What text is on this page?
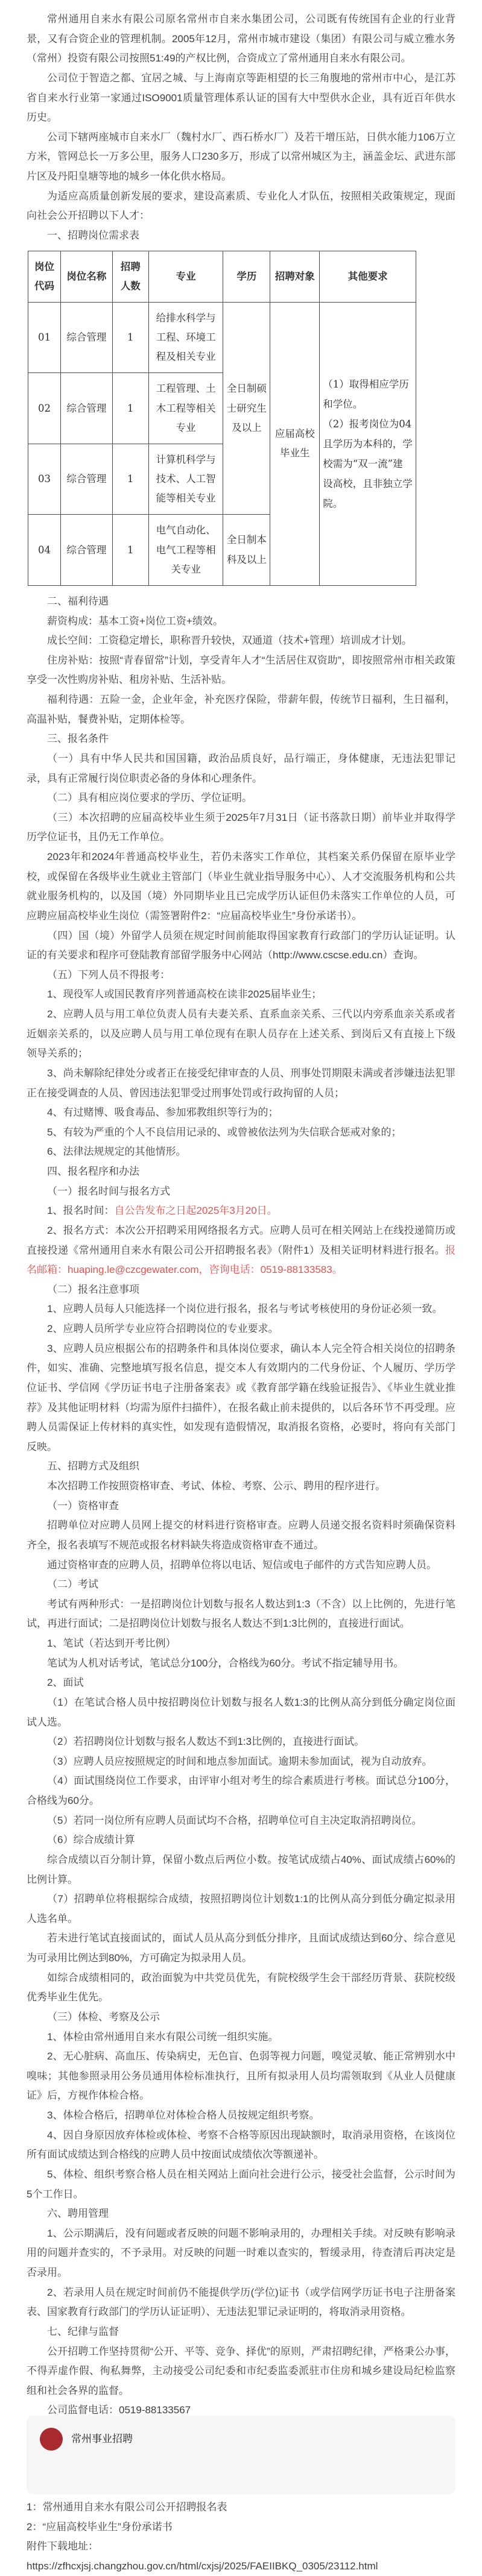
常州通用自来水有限公司原名常州市自来水集团公司，公司既有传统国有企业的行业背景，又有合资企业的管理机制。2005年12月，常州市城市建设（集团）有限公司与威立雅水务（常州）投资有限公司按照51:49的产权比例，合资成立了常州通用自来水有限公司。

公司位于智造之都、宜居之城、与上海南京等距相望的长三角腹地的常州市中心，是江苏省自来水行业第一家通过ISO9001质量管理体系认证的国有大中型供水企业，具有近百年供水历史。

公司下辖两座城市自来水厂（魏村水厂、西石桥水厂）及若干增压站，日供水能力106万立方米，管网总长一万多公里，服务人口230多万，形成了以常州城区为主，涵盖金坛、武进东部片区及丹阳皇塘等地的城乡一体化供水格局。

为适应高质量创新发展的要求，建设高素质、专业化人才队伍，按照相关政策规定，现面向社会公开招聘以下人才：

一、招聘岗位需求表

岗位代码	岗位名称	招聘人数	专业	学历	招聘对象	其他要求
01	综合管理	1	给排水科学与工程、环境工程及相关专业	全日制硕士研究生及以上	应届高校毕业生	（1）取得相应学历和学位。

（2）报考岗位为04且学历为本科的，学校需为“双一流”建设高校，且非独立学院。

02	综合管理	1	工程管理、土木工程等相关专业			
03	综合管理	1	计算机科学与技术、人工智能等相关专业			
04	综合管理	1	电气自动化、电气工程等相关专业	全日制本科及以上		

二、福利待遇

薪资构成：基本工资+岗位工资+绩效。

成长空间：工资稳定增长，职称晋升较快，双通道（技术+管理）培训成才计划。

住房补贴：按照“青春留常”计划，享受青年人才“生活居住双资助”，即按照常州市相关政策享受一次性购房补贴、租房补贴、生活补贴。

福利待遇：五险一金，企业年金，补充医疗保险，带薪年假，传统节日福利，生日福利，高温补贴，餐费补贴，定期体检等。

三、报名条件

（一）具有中华人民共和国国籍，政治品质良好，品行端正，身体健康，无违法犯罪记录，具有正常履行岗位职责必备的身体和心理条件。

（二）具有相应岗位要求的学历、学位证明。

（三）本次招聘的应届高校毕业生须于2025年7月31日（证书落款日期）前毕业并取得学历学位证书，且仍无工作单位。

2023年和2024年普通高校毕业生，若仍未落实工作单位，其档案关系仍保留在原毕业学校，或保留在各级毕业生就业主管部门（毕业生就业指导服务中心）、人才交流服务机构和公共就业服务机构的，以及国（境）外同期毕业且已完成学历认证但仍未落实工作单位的人员，可应聘应届高校毕业生岗位（需签署附件2：“应届高校毕业生”身份承诺书）。

（四）国（境）外留学人员须在规定时间前能取得国家教育行政部门的学历认证证明。认证的有关要求和程序可登陆教育部留学服务中心网站（http://www.cscse.edu.cn）查询。

（五）下列人员不得报考：

1、现役军人或国民教育序列普通高校在读非2025届毕业生；

2、应聘人员与用工单位负责人员有夫妻关系、直系血亲关系、三代以内旁系血亲关系或者近姻亲关系的，以及应聘人员与用工单位现有在职人员存在上述关系、到岗后又有直接上下级领导关系的；

3、尚未解除纪律处分或者正在接受纪律审查的人员、刑事处罚期限未满或者涉嫌违法犯罪正在接受调查的人员、曾因违法犯罪受过刑事处罚或行政拘留的人员；

4、有过赌博、吸食毒品、参加邪教组织等行为的；

5、有较为严重的个人不良信用记录的、或曾被依法列为失信联合惩戒对象的；

6、法律法规规定的其他情形。

四、报名程序和办法

（一）报名时间与报名方式

1、报名时间：自公告发布之日起2025年3月20日。

2、报名方式：本次公开招聘采用网络报名方式。应聘人员可在相关网站上在线投递简历或直接投递《常州通用自来水有限公司公开招聘报名表》（附件1）及相关证明材料进行报名。报名邮箱：huaping.le@czcgewater.com，咨询电话：0519-88133583。

（二）报名注意事项

1、应聘人员每人只能选择一个岗位进行报名，报名与考试考核使用的身份证必须一致。

2、应聘人员所学专业应符合招聘岗位的专业要求。

3、应聘人员应根据公布的招聘条件和具体岗位要求，确认本人完全符合相关岗位的招聘条件，如实、准确、完整地填写报名信息，提交本人有效期内的二代身份证、个人履历、学历学位证书、学信网《学历证书电子注册备案表》或《教育部学籍在线验证报告》、《毕业生就业推荐》及其他证明材料（均需为原件扫描件），在报名截止前未提供的，以后各环节不再受理。应聘人员需保证上传材料的真实性，如发现有造假情况，取消报名资格，必要时，将向有关部门反映。

五、招聘方式及组织

本次招聘工作按照资格审查、考试、体检、考察、公示、聘用的程序进行。

（一）资格审查

招聘单位对应聘人员网上提交的材料进行资格审查。应聘人员递交报名资料时须确保资料齐全，报名表填写不规范或报名材料缺失将造成资格审查不通过。

通过资格审查的应聘人员，招聘单位将以电话、短信或电子邮件的方式告知应聘人员。

（二）考试

考试有两种形式：一是招聘岗位计划数与报名人数达到1:3（不含）以上比例的，先进行笔试，再进行面试；二是招聘岗位计划数与报名人数达不到1:3比例的，直接进行面试。

1、笔试（若达到开考比例）

笔试为人机对话考试，笔试总分100分，合格线为60分。考试不指定辅导用书。

2、面试

（1）在笔试合格人员中按招聘岗位计划数与报名人数1:3的比例从高分到低分确定岗位面试人选。

（2）若招聘岗位计划数与报名人数达不到1:3比例的，直接进行面试。

（3）应聘人员应按照规定的时间和地点参加面试。逾期未参加面试，视为自动放弃。

（4）面试围绕岗位工作要求，由评审小组对考生的综合素质进行考核。面试总分100分，合格线为60分。

（5）若同一岗位所有应聘人员面试均不合格，招聘单位可自主决定取消招聘岗位。

（6）综合成绩计算

综合成绩以百分制计算，保留小数点后两位小数。按笔试成绩占40%、面试成绩占60%的比例计算。

（7）招聘单位将根据综合成绩，按照招聘岗位计划数1:1的比例从高分到低分确定拟录用人选名单。

若未进行笔试直接面试的，面试人员从高分到低分排序，且面试成绩达到60分、综合意见为可录用比例达到80%，方可确定为拟录用人员。

如综合成绩相同的，政治面貌为中共党员优先，有院校级学生会干部经历背景、获院校级优秀毕业生优先。

（三）体检、考察及公示

1、体检由常州通用自来水有限公司统一组织实施。

2、无心脏病、高血压、传染病史，无色盲、色弱等视力问题，嗅觉灵敏、能正常辨别水中嗅味；其他参照录用公务员通用体检标准执行，且所有拟录用人员均需领取到《从业人员健康证》后，方视作体检合格。

3、体检合格后，招聘单位对体检合格人员按规定组织考察。

4、因自身原因放弃体检或体检、考察不合格等原因出现缺额时，取消录用资格，在该岗位所有面试成绩达到合格线的应聘人员中按面试成绩依次等额递补。

5、体检、组织考察合格人员在相关网站上面向社会进行公示，接受社会监督，公示时间为5个工作日。

六、聘用管理

1、公示期满后，没有问题或者反映的问题不影响录用的，办理相关手续。对反映有影响录用的问题并查实的，不予录用。对反映的问题一时难以查实的，暂缓录用，待查清后再决定是否录用。

2、若录用人员在规定时间前仍不能提供学历(学位)证书（或学信网学历证书电子注册备案表、国家教育行政部门的学历认证证明）、无违法犯罪记录证明的，将取消录用资格。

七、纪律与监督

公开招聘工作坚持贯彻“公开、平等、竞争、择优”的原则，严肃招聘纪律，严格秉公办事，不得弄虚作假、徇私舞弊，主动接受公司纪委和市纪委监委派驻市住房和城乡建设局纪检监察组和社会各界的监督。

公司监督电话：0519-88133567

1：常州通用自来水有限公司公开招聘报名表

2：“应届高校毕业生”身份承诺书

附件下载地址：

https://zfhcxjsj.changzhou.gov.cn/html/cxjsj/2025/FAEIIBKQ_0305/23112.html

常州事业招聘
